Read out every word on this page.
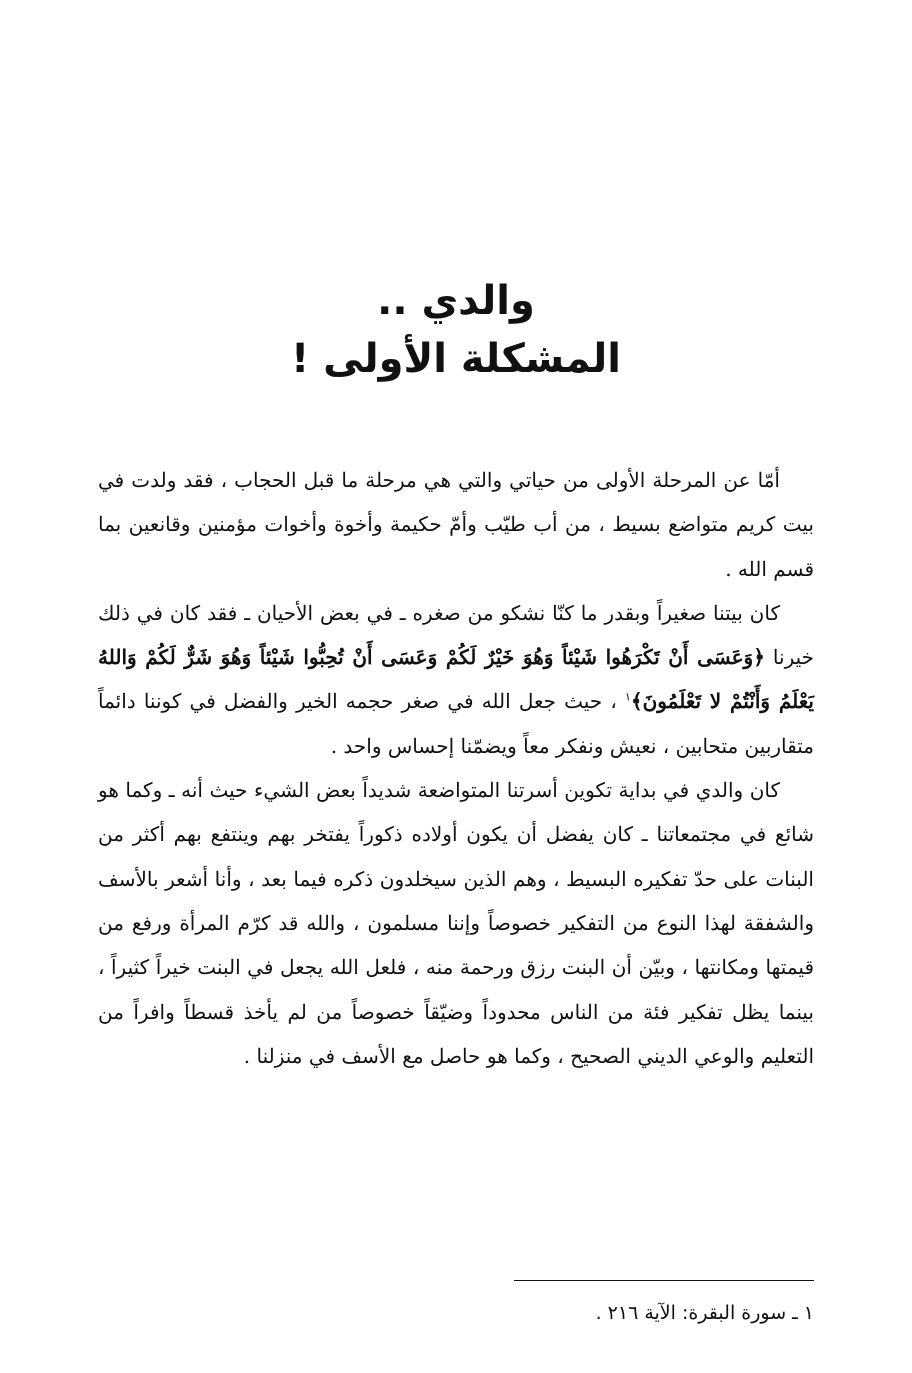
والدي ..
المشكلة الأولى !

أمّا عن المرحلة الأولى من حياتي والتي هي مرحلة ما قبل الحجاب ، فقد ولدت في بيت كريم متواضع بسيط ، من أب طيّب وأمّ حكيمة وأخوة وأخوات مؤمنين وقانعين بما قسم الله .

كان بيتنا صغيراً وبقدر ما كنّا نشكو من صغره ـ في بعض الأحيان ـ فقد كان في ذلك خيرنا ﴿وَعَسَى أَنْ تَكْرَهُوا شَيْئاً وَهُوَ خَيْرٌ لَكُمْ وَعَسَى أَنْ تُحِبُّوا شَيْئاً وَهُوَ شَرٌّ لَكُمْ وَاللهُ يَعْلَمُ وَأَنْتُمْ لا تَعْلَمُونَ﴾$^١$ ، حيث جعل الله في صغر حجمه الخير والفضل في كوننا دائماً متقاربين متحابين ، نعيش ونفكر معاً ويضمّنا إحساس واحد .

كان والدي في بداية تكوين أسرتنا المتواضعة شديداً بعض الشيء حيث أنه ـ وكما هو شائع في مجتمعاتنا ـ كان يفضل أن يكون أولاده ذكوراً يفتخر بهم وينتفع بهم أكثر من البنات على حدّ تفكيره البسيط ، وهم الذين سيخلدون ذكره فيما بعد ، وأنا أشعر بالأسف والشفقة لهذا النوع من التفكير خصوصاً وإننا مسلمون ، والله قد كرّم المرأة ورفع من قيمتها ومكانتها ، وبيّن أن البنت رزق ورحمة منه ، فلعل الله يجعل في البنت خيراً كثيراً ، بينما يظل تفكير فئة من الناس محدوداً وضيّقاً خصوصاً من لم يأخذ قسطاً وافراً من التعليم والوعي الديني الصحيح ، وكما هو حاصل مع الأسف في منزلنا .

١ ـ سورة البقرة: الآية ٢١٦ .
